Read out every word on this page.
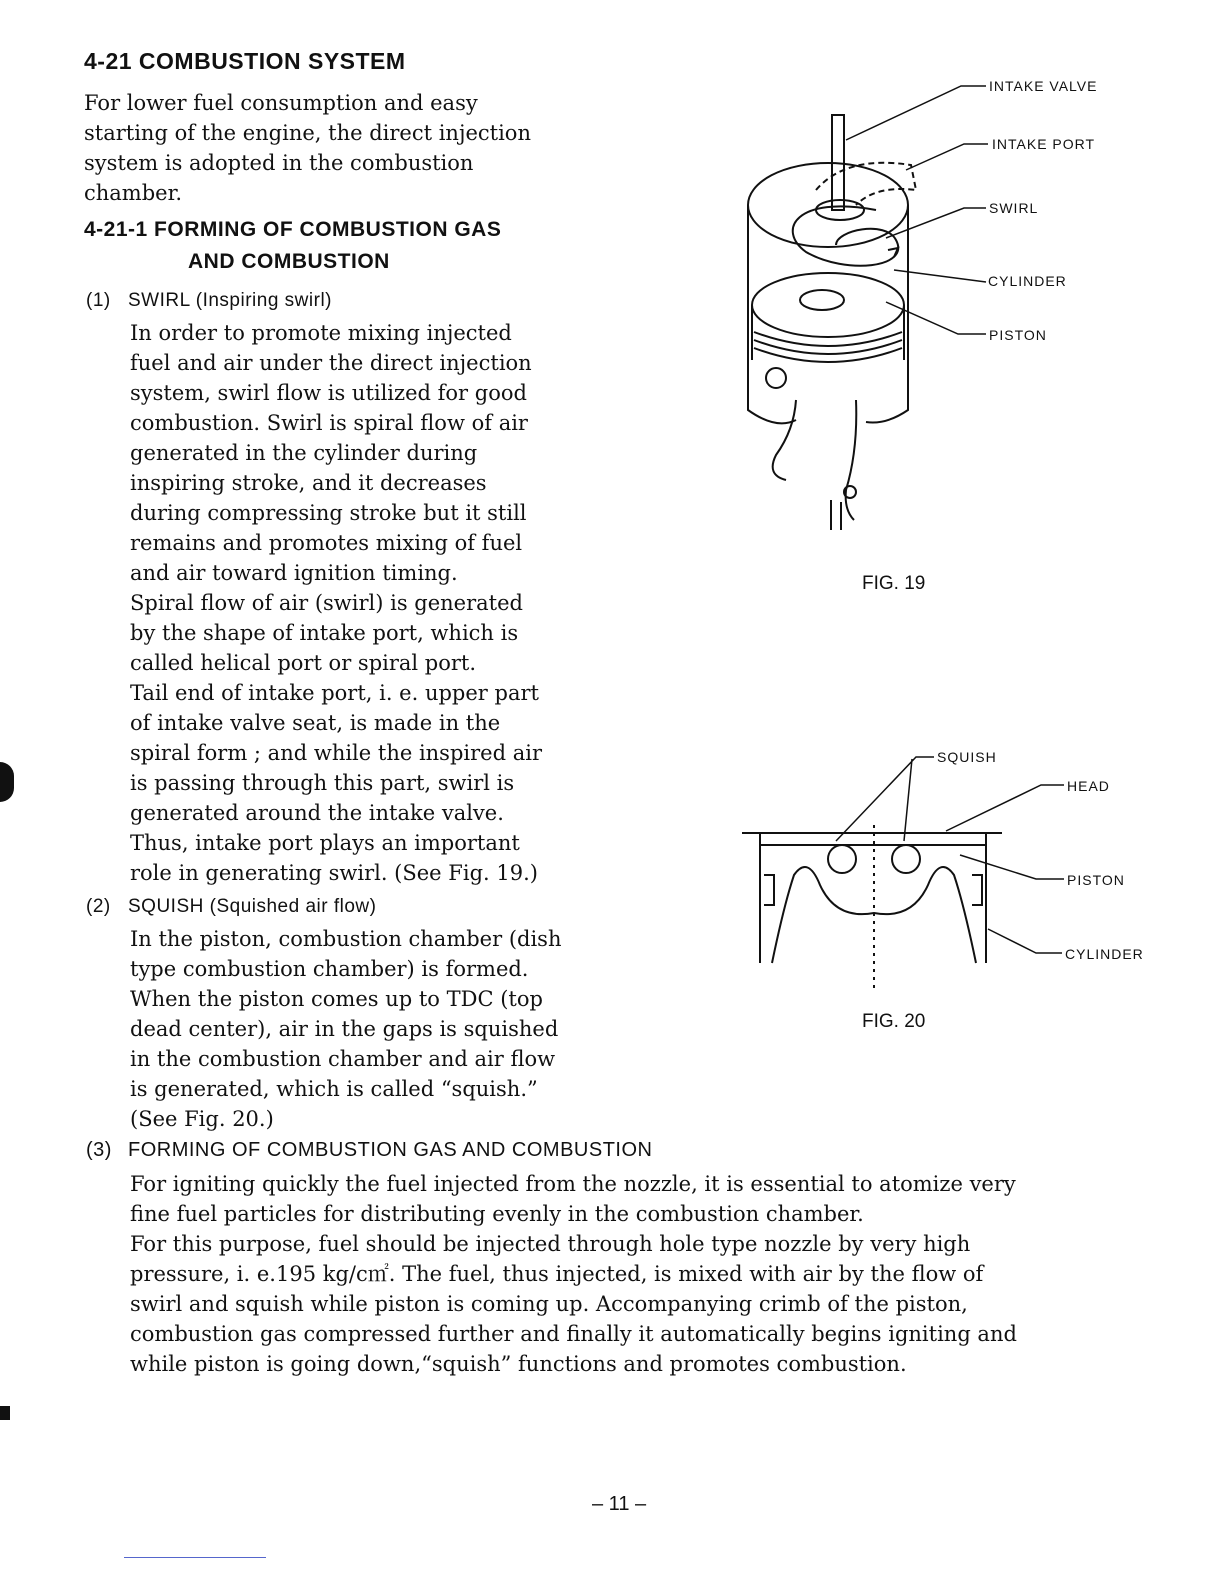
4-21 COMBUSTION SYSTEM
For lower fuel consumption and easy
starting of the engine, the direct injection
system is adopted in the combustion
chamber.
4-21-1 FORMING OF COMBUSTION GAS
AND COMBUSTION
(1) SWIRL (Inspiring swirl)
In order to promote mixing injected
fuel and air under the direct injection
system, swirl flow is utilized for good
combustion. Swirl is spiral flow of air
generated in the cylinder during
inspiring stroke, and it decreases
during compressing stroke but it still
remains and promotes mixing of fuel
and air toward ignition timing.
Spiral flow of air (swirl) is generated
by the shape of intake port, which is
called helical port or spiral port.
Tail end of intake port, i. e. upper part
of intake valve seat, is made in the
spiral form ; and while the inspired air
is passing through this part, swirl is
generated around the intake valve.
Thus, intake port plays an important
role in generating swirl. (See Fig. 19.)
(2) SQUISH (Squished air flow)
In the piston, combustion chamber (dish
type combustion chamber) is formed.
When the piston comes up to TDC (top
dead center), air in the gaps is squished
in the combustion chamber and air flow
is generated, which is called “squish.”
(See Fig. 20.)
(3) FORMING OF COMBUSTION GAS AND COMBUSTION
For igniting quickly the fuel injected from the nozzle, it is essential to atomize very
fine fuel particles for distributing evenly in the combustion chamber.
For this purpose, fuel should be injected through hole type nozzle by very high
pressure, i. e.195 kg/c㎡. The fuel, thus injected, is mixed with air by the flow of
swirl and squish while piston is coming up. Accompanying crimb of the piston,
combustion gas compressed further and finally it automatically begins igniting and
while piston is going down,“squish” functions and promotes combustion.
INTAKE VALVE
INTAKE PORT
SWIRL
CYLINDER
PISTON
FIG. 19
SQUISH
HEAD
PISTON
CYLINDER
FIG. 20
– 11 –
